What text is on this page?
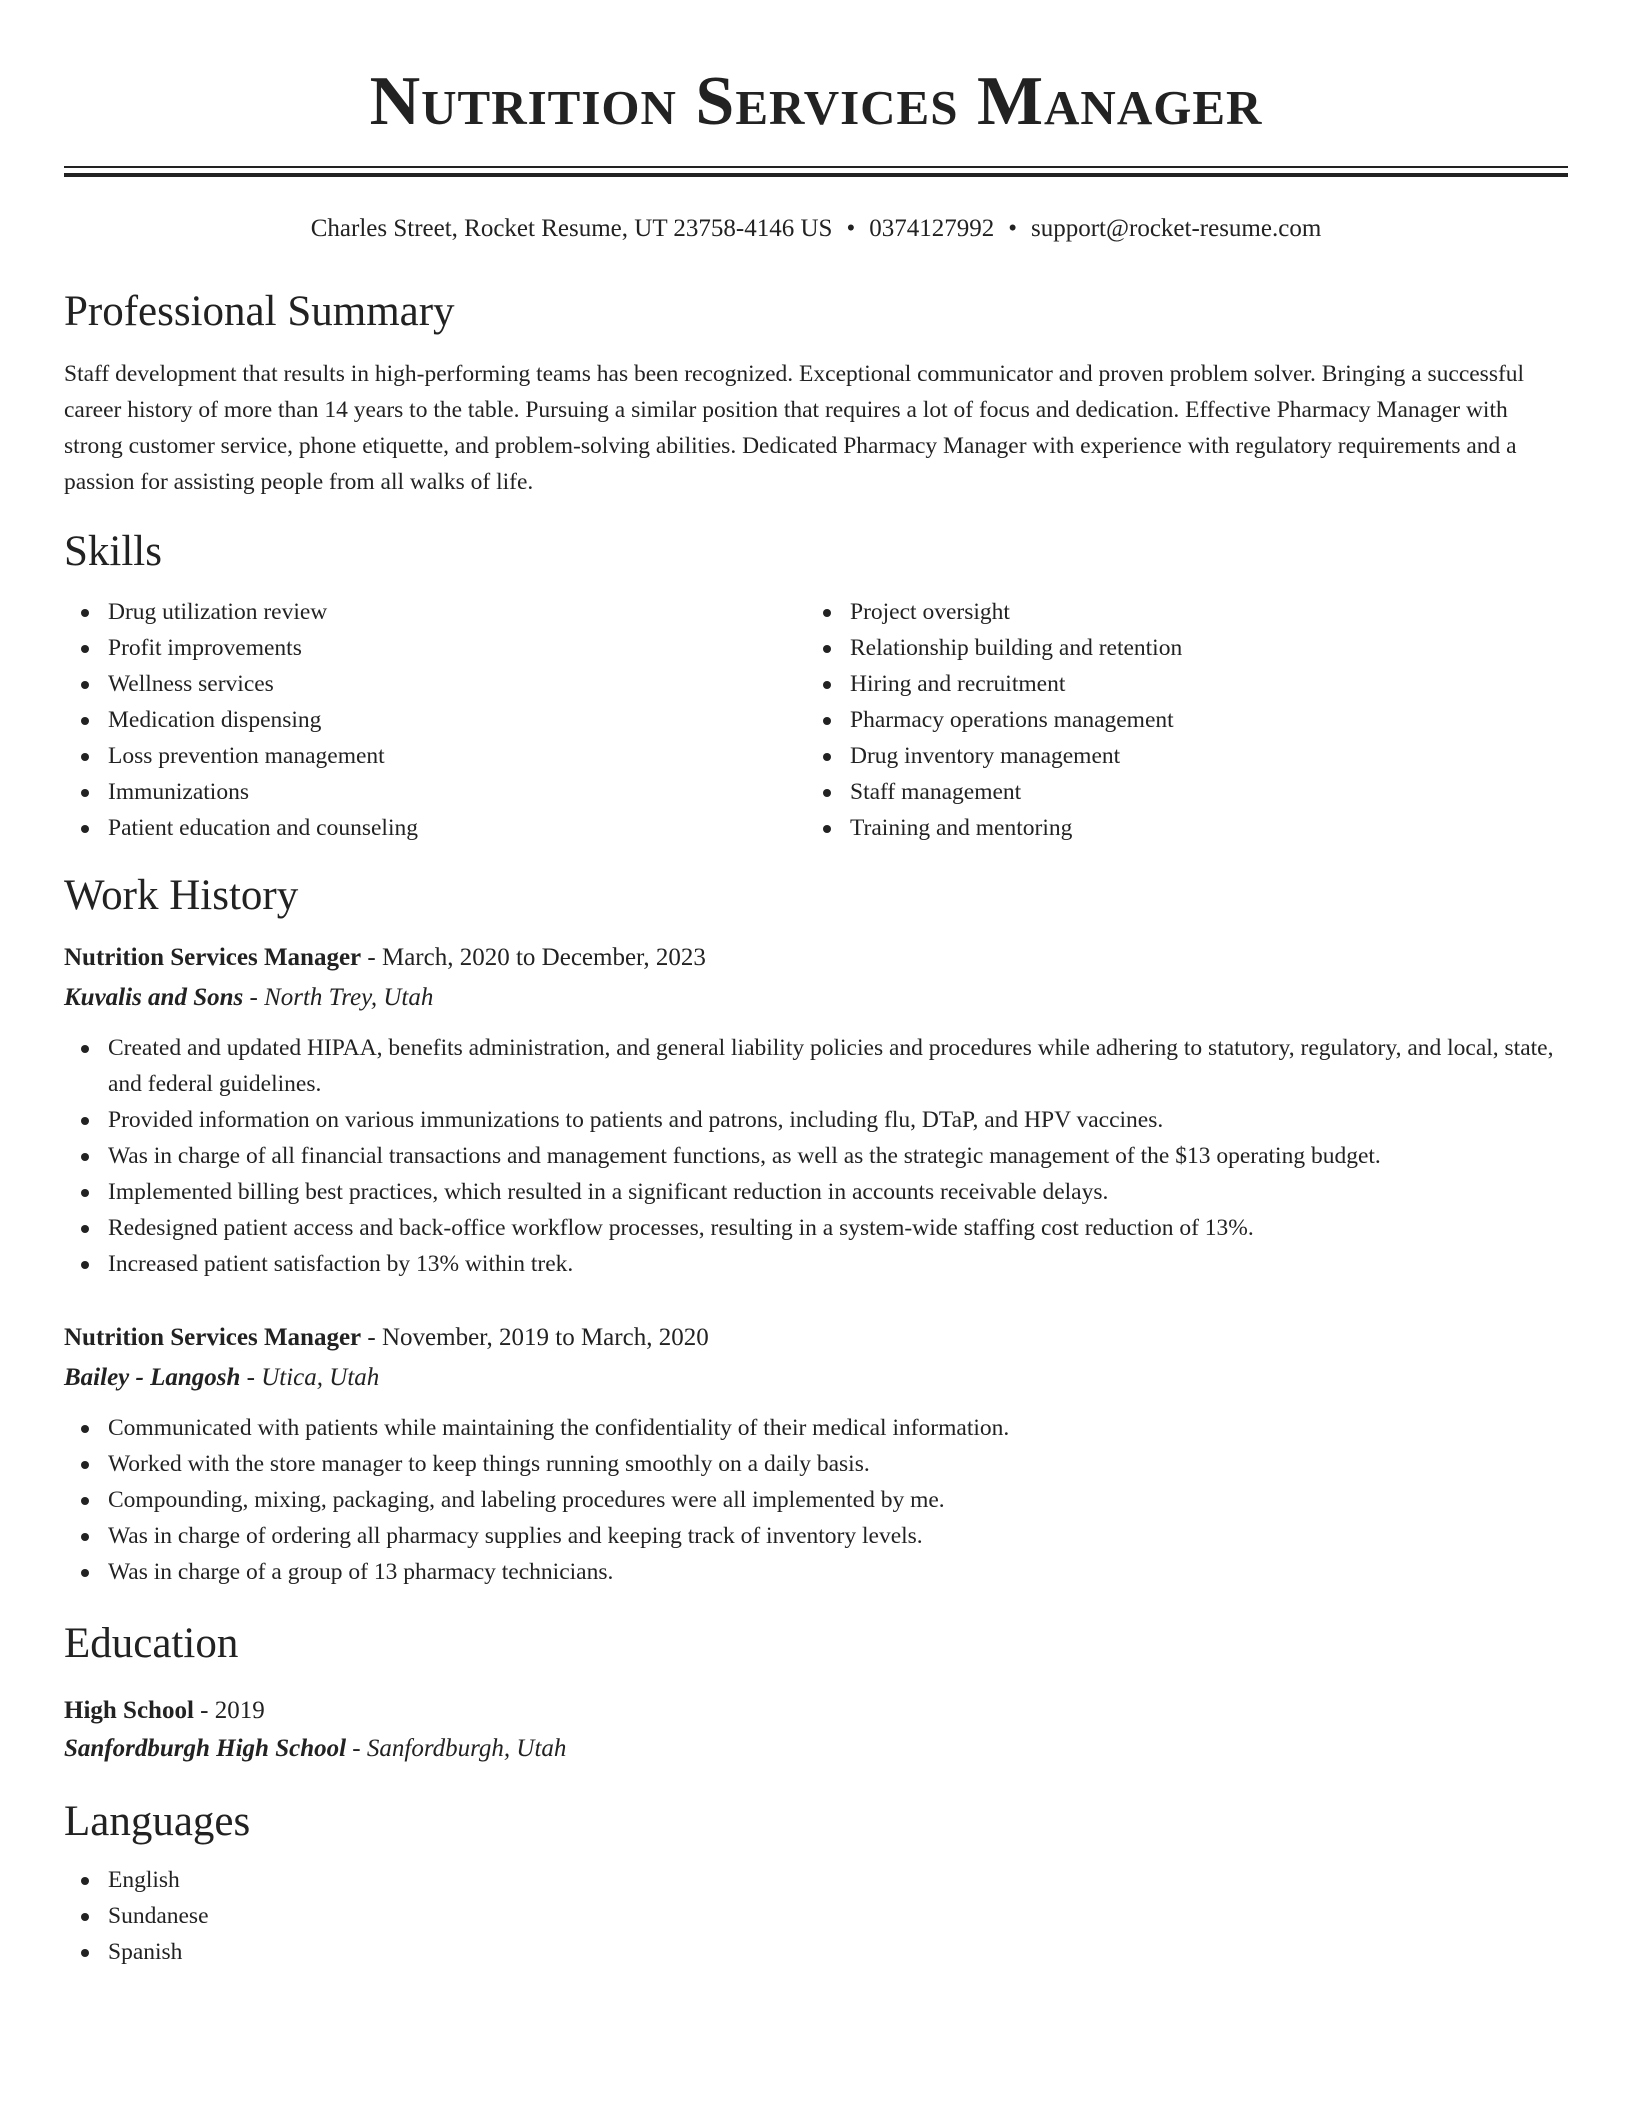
Nutrition Services Manager
Charles Street, Rocket Resume, UT 23758-4146 US • 0374127992 • support@rocket-resume.com
Professional Summary

Staff development that results in high-performing teams has been recognized. Exceptional communicator and proven problem solver. Bringing a successful career history of more than 14 years to the table. Pursuing a similar position that requires a lot of focus and dedication. Effective Pharmacy Manager with strong customer service, phone etiquette, and problem-solving abilities. Dedicated Pharmacy Manager with experience with regulatory requirements and a passion for assisting people from all walks of life.

Skills
Drug utilization review
Profit improvements
Wellness services
Medication dispensing
Loss prevention management
Immunizations
Patient education and counseling
Project oversight
Relationship building and retention
Hiring and recruitment
Pharmacy operations management
Drug inventory management
Staff management
Training and mentoring
Work History
Nutrition Services Manager - March, 2020 to December, 2023
Kuvalis and Sons - North Trey, Utah
Created and updated HIPAA, benefits administration, and general liability policies and procedures while adhering to statutory, regulatory, and local, state, and federal guidelines.
Provided information on various immunizations to patients and patrons, including flu, DTaP, and HPV vaccines.
Was in charge of all financial transactions and management functions, as well as the strategic management of the $13 operating budget.
Implemented billing best practices, which resulted in a significant reduction in accounts receivable delays.
Redesigned patient access and back-office workflow processes, resulting in a system-wide staffing cost reduction of 13%.
Increased patient satisfaction by 13% within trek.
Nutrition Services Manager - November, 2019 to March, 2020
Bailey - Langosh - Utica, Utah
Communicated with patients while maintaining the confidentiality of their medical information.
Worked with the store manager to keep things running smoothly on a daily basis.
Compounding, mixing, packaging, and labeling procedures were all implemented by me.
Was in charge of ordering all pharmacy supplies and keeping track of inventory levels.
Was in charge of a group of 13 pharmacy technicians.
Education
High School - 2019
Sanfordburgh High School - Sanfordburgh, Utah
Languages
English
Sundanese
Spanish
